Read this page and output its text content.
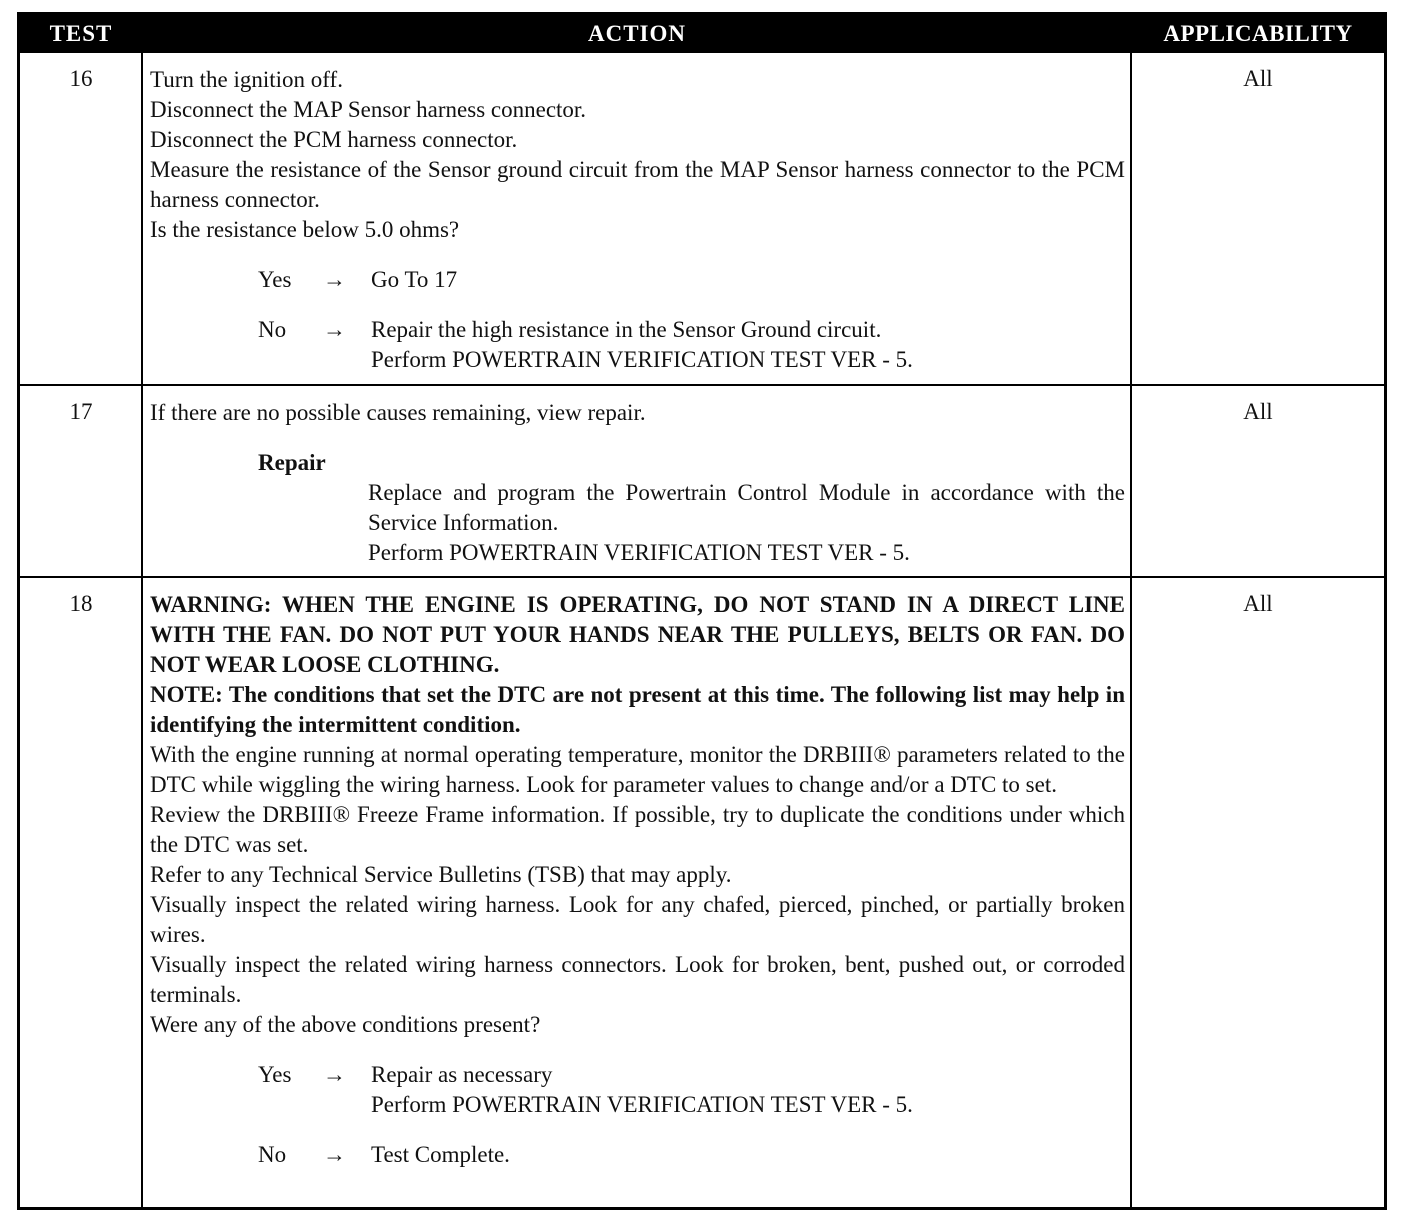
TEST	ACTION	APPLICABILITY
16	Turn the ignition off.

Disconnect the MAP Sensor harness connector.

Disconnect the PCM harness connector.

Measure the resistance of the Sensor ground circuit from the MAP Sensor harness connector to the PCM harness connector.

Is the resistance below 5.0 ohms?

Yes	→	Go To 17
No	→	Repair the high resistance in the Sensor Ground circuit.
Perform POWERTRAIN VERIFICATION TEST VER - 5.
All
17	If there are no possible causes remaining, view repair.

Repair

Replace and program the Powertrain Control Module in accordance with the Service Information.

Perform POWERTRAIN VERIFICATION TEST VER - 5.

All
18	WARNING: WHEN THE ENGINE IS OPERATING, DO NOT STAND IN A DIRECT LINE WITH THE FAN. DO NOT PUT YOUR HANDS NEAR THE PULLEYS, BELTS OR FAN. DO NOT WEAR LOOSE CLOTHING.

NOTE: The conditions that set the DTC are not present at this time. The following list may help in identifying the intermittent condition.

With the engine running at normal operating temperature, monitor the DRBIII® parameters related to the DTC while wiggling the wiring harness. Look for parameter values to change and/or a DTC to set.

Review the DRBIII® Freeze Frame information. If possible, try to duplicate the conditions under which the DTC was set.

Refer to any Technical Service Bulletins (TSB) that may apply.

Visually inspect the related wiring harness. Look for any chafed, pierced, pinched, or partially broken wires.

Visually inspect the related wiring harness connectors. Look for broken, bent, pushed out, or corroded terminals.

Were any of the above conditions present?

Yes	→	Repair as necessary
Perform POWERTRAIN VERIFICATION TEST VER - 5.
No	→	Test Complete.
All
